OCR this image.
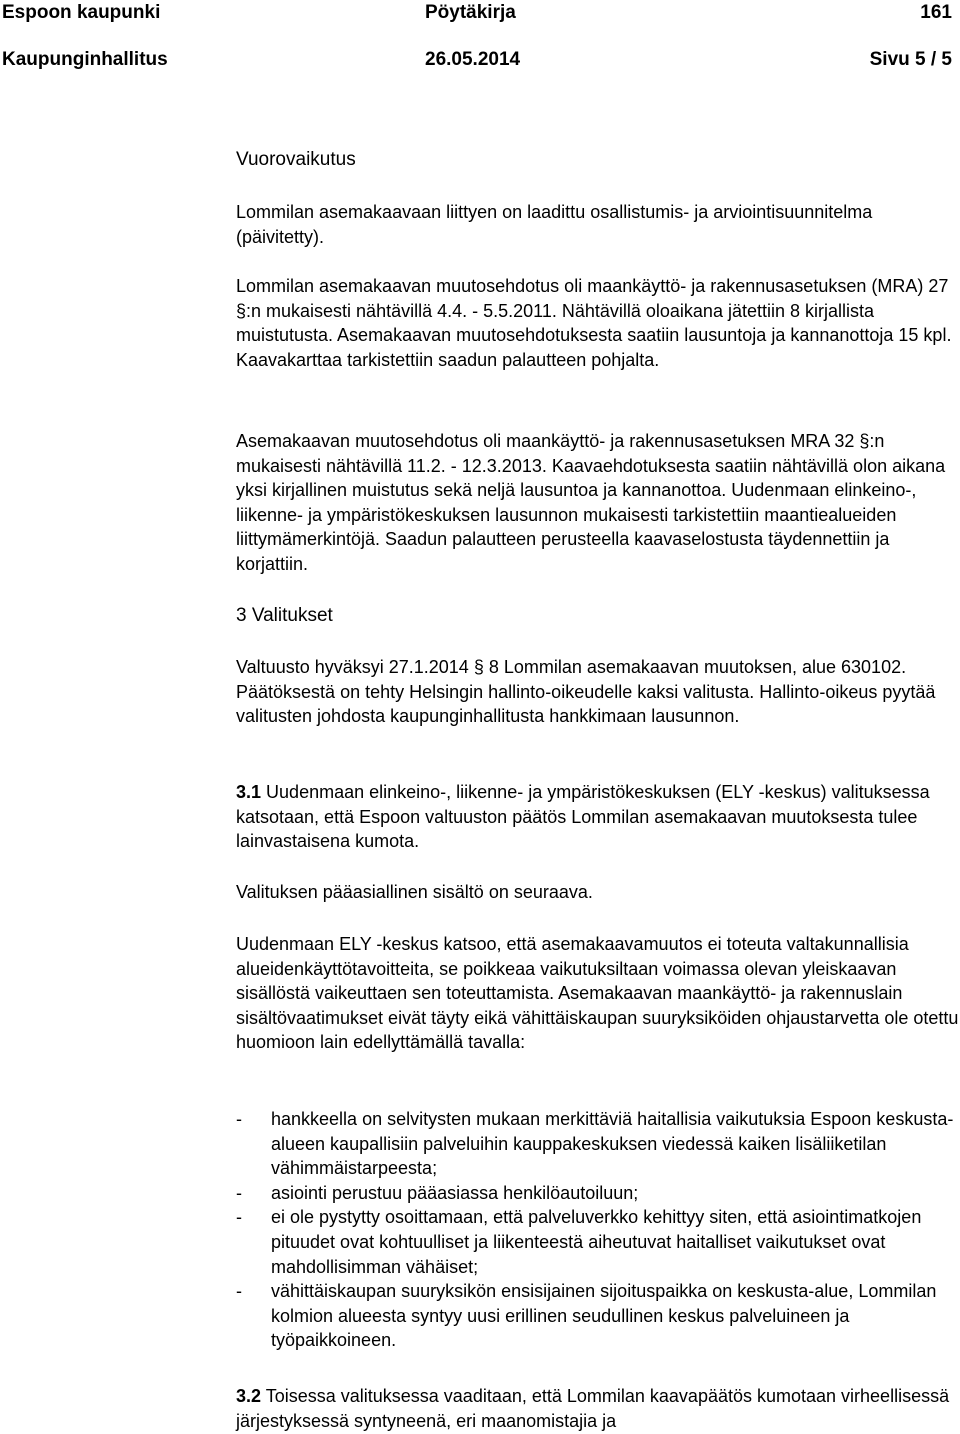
Espoon kaupunki	Pöytäkirja	161
Kaupunginhallitus	26.05.2014	Sivu 5 / 5

Vuorovaikutus

Lommilan asemakaavaan liittyen on laadittu osallistumis- ja arviointisuunnitelma (päivitetty).

Lommilan asemakaavan muutosehdotus oli maankäyttö- ja rakennusasetuksen (MRA) 27 §:n mukaisesti nähtävillä 4.4. - 5.5.2011. Nähtävillä oloaikana jätettiin 8 kirjallista muistutusta. Asemakaavan muutosehdotuksesta saatiin lausuntoja ja kannanottoja 15 kpl. Kaavakarttaa tarkistettiin saadun palautteen pohjalta.

Asemakaavan muutosehdotus oli maankäyttö- ja rakennusasetuksen MRA 32 §:n mukaisesti nähtävillä 11.2. - 12.3.2013. Kaavaehdotuksesta saatiin nähtävillä olon aikana yksi kirjallinen muistutus sekä neljä lausuntoa ja kannanottoa. Uudenmaan elinkeino-, liikenne- ja ympäristökeskuksen lausunnon mukaisesti tarkistettiin maantiealueiden liittymämerkintöjä. Saadun palautteen perusteella kaavaselostusta täydennettiin ja korjattiin.

3 Valitukset

Valtuusto hyväksyi 27.1.2014 § 8 Lommilan asemakaavan muutoksen, alue 630102. Päätöksestä on tehty Helsingin hallinto-oikeudelle kaksi valitusta. Hallinto-oikeus pyytää valitusten johdosta kaupunginhallitusta hankkimaan lausunnon.

3.1 Uudenmaan elinkeino-, liikenne- ja ympäristökeskuksen (ELY -keskus) valituksessa katsotaan, että Espoon valtuuston päätös Lommilan asemakaavan muutoksesta tulee lainvastaisena kumota.

Valituksen pääasiallinen sisältö on seuraava.

Uudenmaan ELY -keskus katsoo, että asemakaavamuutos ei toteuta valtakunnallisia alueidenkäyttötavoitteita, se poikkeaa vaikutuksiltaan voimassa olevan yleiskaavan sisällöstä vaikeuttaen sen toteuttamista. Asemakaavan maankäyttö- ja rakennuslain sisältövaatimukset eivät täyty eikä vähittäiskaupan suuryksiköiden ohjaustarvetta ole otettu huomioon lain edellyttämällä tavalla:

- hankkeella on selvitysten mukaan merkittäviä haitallisia vaikutuksia Espoon keskusta-alueen kaupallisiin palveluihin kauppakeskuksen viedessä kaiken lisäliiketilan vähimmäistarpeesta;
- asiointi perustuu pääasiassa henkilöautoiluun;
- ei ole pystytty osoittamaan, että palveluverkko kehittyy siten, että asiointimatkojen pituudet ovat kohtuulliset ja liikenteestä aiheutuvat haitalliset vaikutukset ovat mahdollisimman vähäiset;
- vähittäiskaupan suuryksikön ensisijainen sijoituspaikka on keskusta-alue, Lommilan kolmion alueesta syntyy uusi erillinen seudullinen keskus palveluineen ja työpaikkoineen.

3.2 Toisessa valituksessa vaaditaan, että Lommilan kaavapäätös kumotaan virheellisessä järjestyksessä syntyneenä, eri maanomistajia ja
